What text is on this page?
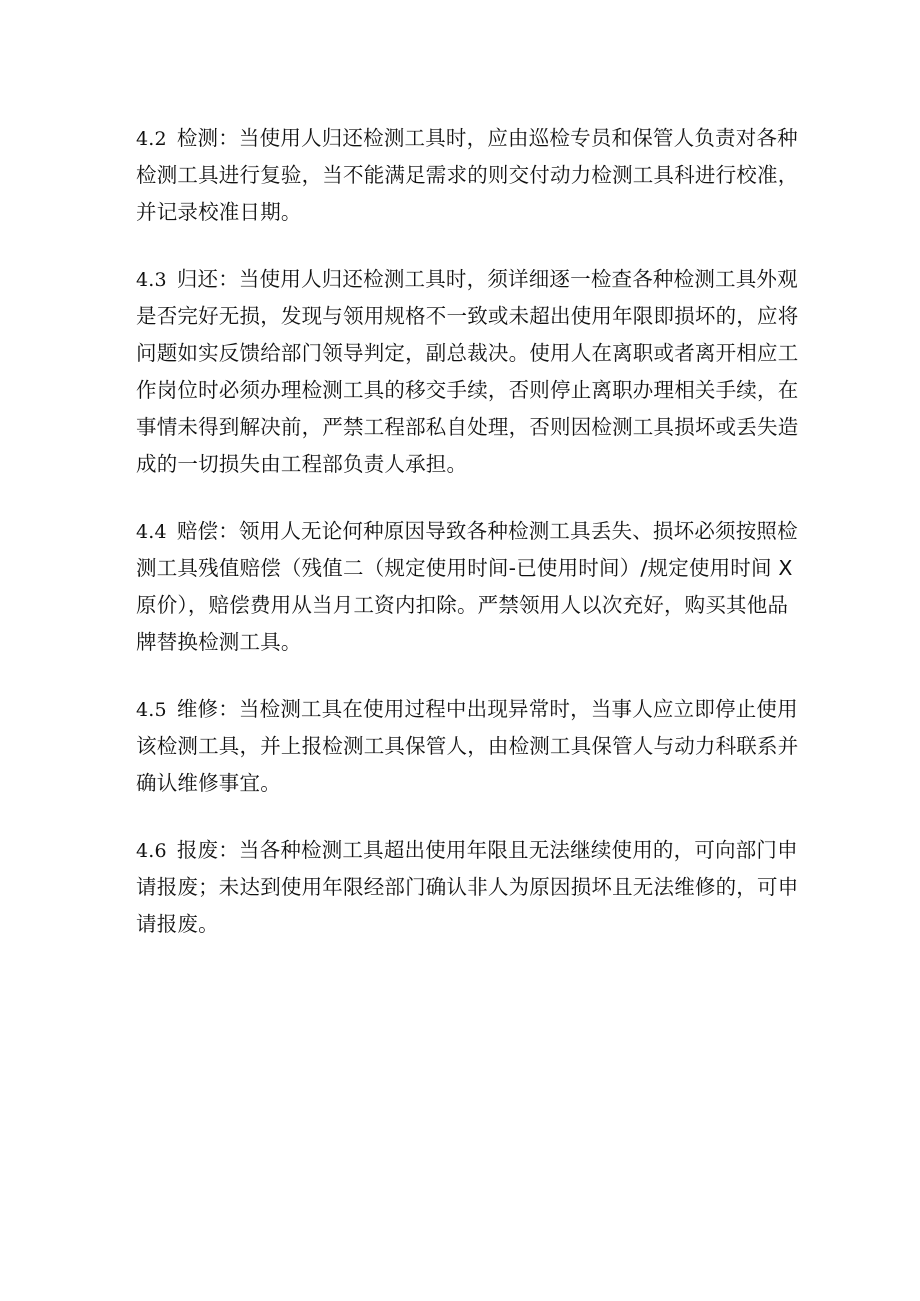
4.2 检测：当使用人归还检测工具时，应由巡检专员和保管人负责对各种
检测工具进行复验，当不能满足需求的则交付动力检测工具科进行校准，
并记录校准日期。
4.3 归还：当使用人归还检测工具时，须详细逐一检查各种检测工具外观
是否完好无损，发现与领用规格不一致或未超出使用年限即损坏的，应将
问题如实反馈给部门领导判定，副总裁决。使用人在离职或者离开相应工
作岗位时必须办理检测工具的移交手续，否则停止离职办理相关手续，在
事情未得到解决前，严禁工程部私自处理，否则因检测工具损坏或丢失造
成的一切损失由工程部负责人承担。
4.4 赔偿：领用人无论何种原因导致各种检测工具丢失、损坏必须按照检
测工具残值赔偿（残值二（规定使用时间-已使用时间）/规定使用时间 X
原价），赔偿费用从当月工资内扣除。严禁领用人以次充好，购买其他品
牌替换检测工具。
4.5 维修：当检测工具在使用过程中出现异常时，当事人应立即停止使用
该检测工具，并上报检测工具保管人，由检测工具保管人与动力科联系并
确认维修事宜。
4.6 报废：当各种检测工具超出使用年限且无法继续使用的，可向部门申
请报废；未达到使用年限经部门确认非人为原因损坏且无法维修的，可申
请报废。
